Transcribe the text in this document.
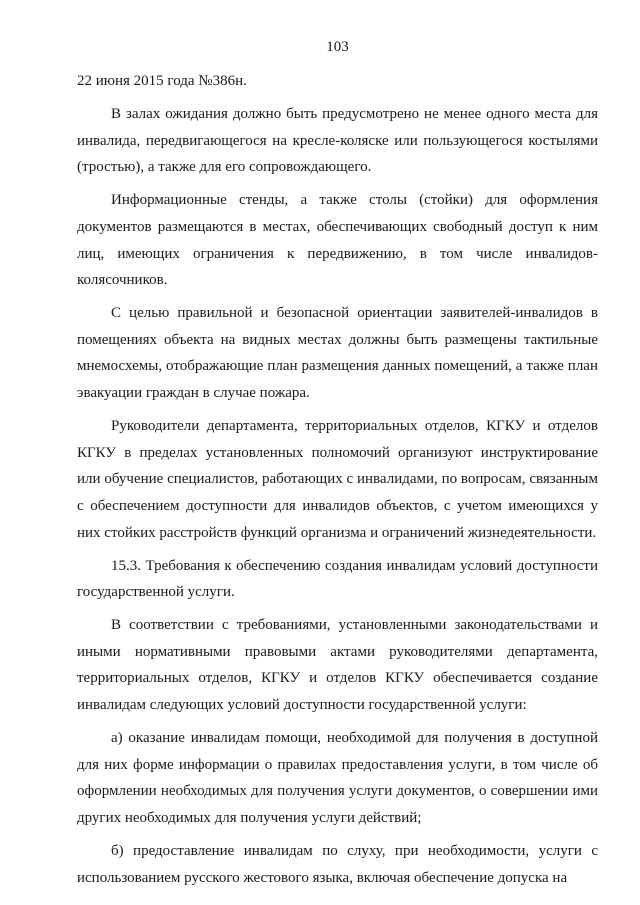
103

22 июня 2015 года №386н.

В залах ожидания должно быть предусмотрено не менее одного места для инвалида, передвигающегося на кресле-коляске или пользующегося костылями (тростью), а также для его сопровождающего.

Информационные стенды, а также столы (стойки) для оформления документов размещаются в местах, обеспечивающих свободный доступ к ним лиц, имеющих ограничения к передвижению, в том числе инвалидов-колясочников.

С целью правильной и безопасной ориентации заявителей-инвалидов в помещениях объекта на видных местах должны быть размещены тактильные мнемосхемы, отображающие план размещения данных помещений, а также план эвакуации граждан в случае пожара.

Руководители департамента, территориальных отделов, КГКУ и отделов КГКУ в пределах установленных полномочий организуют инструктирование или обучение специалистов, работающих с инвалидами, по вопросам, связанным с обеспечением доступности для инвалидов объектов, с учетом имеющихся у них стойких расстройств функций организма и ограничений жизнедеятельности.

15.3. Требования к обеспечению создания инвалидам условий доступности государственной услуги.

В соответствии с требованиями, установленными законодательствами и иными нормативными правовыми актами руководителями департамента, территориальных отделов, КГКУ и отделов КГКУ обеспечивается создание инвалидам следующих условий доступности государственной услуги:

а) оказание инвалидам помощи, необходимой для получения в доступной для них форме информации о правилах предоставления услуги, в том числе об оформлении необходимых для получения услуги документов, о совершении ими других необходимых для получения услуги действий;

б) предоставление инвалидам по слуху, при необходимости, услуги с использованием русского жестового языка, включая обеспечение допуска на
